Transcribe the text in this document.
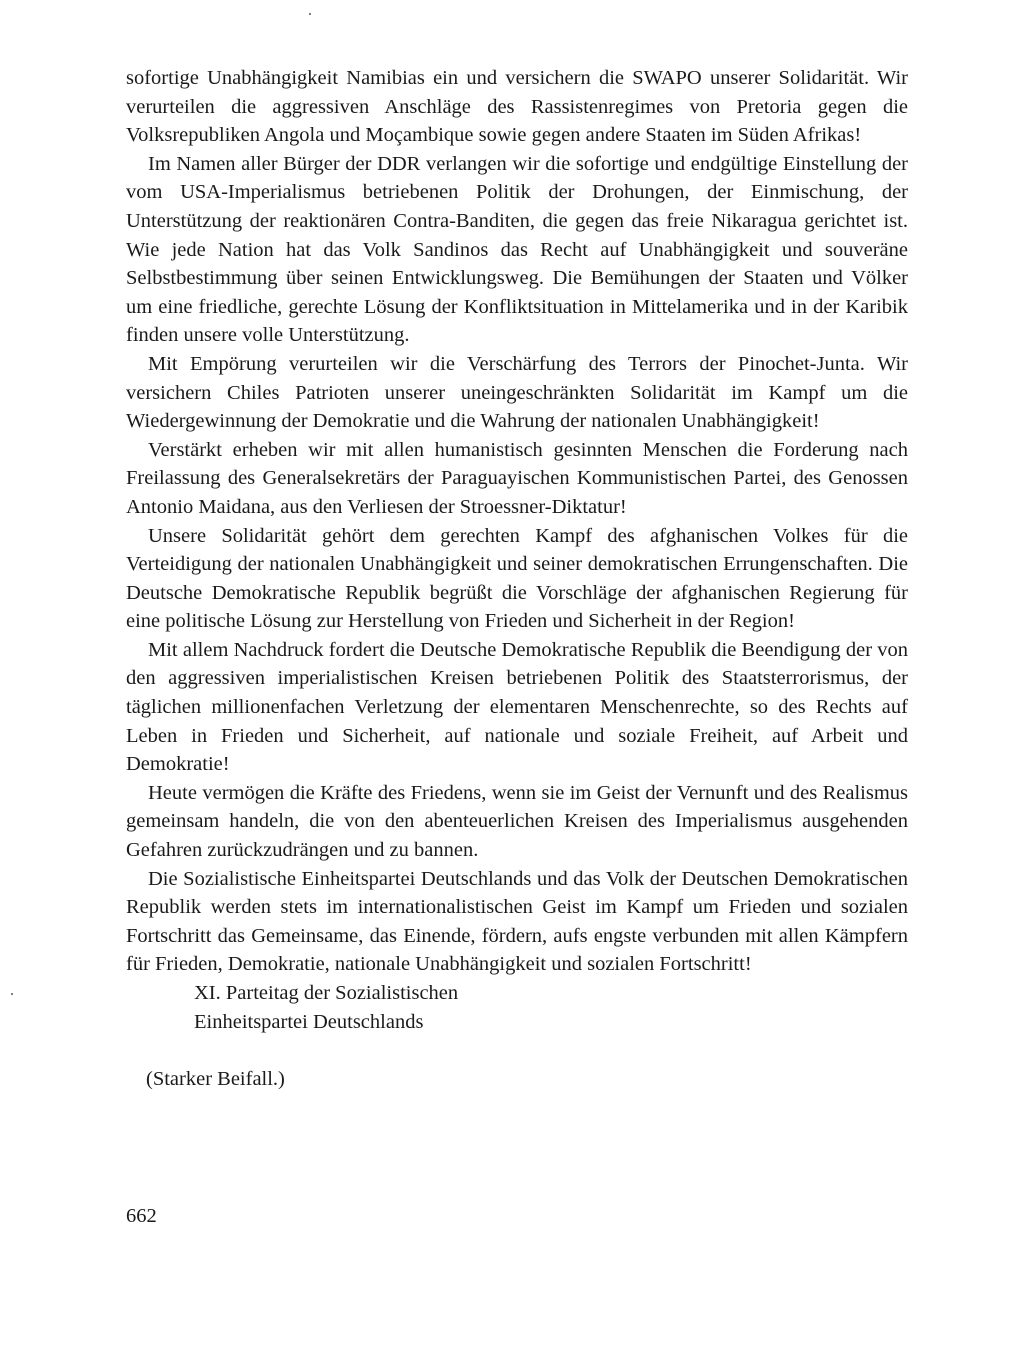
sofortige Unabhängigkeit Namibias ein und versichern die SWAPO unserer Solidarität. Wir verurteilen die aggressiven Anschläge des Rassistenregimes von Pretoria gegen die Volksrepubliken Angola und Moçambique sowie gegen andere Staaten im Süden Afrikas!

Im Namen aller Bürger der DDR verlangen wir die sofortige und endgültige Einstellung der vom USA-Imperialismus betriebenen Politik der Drohungen, der Einmischung, der Unterstützung der reaktionären Contra-Banditen, die gegen das freie Nikaragua gerichtet ist. Wie jede Nation hat das Volk Sandinos das Recht auf Unabhängigkeit und souveräne Selbstbestimmung über seinen Entwicklungsweg. Die Bemühungen der Staaten und Völker um eine friedliche, gerechte Lösung der Konfliktsituation in Mittelamerika und in der Karibik finden unsere volle Unterstützung.

Mit Empörung verurteilen wir die Verschärfung des Terrors der Pinochet-Junta. Wir versichern Chiles Patrioten unserer uneingeschränkten Solidarität im Kampf um die Wiedergewinnung der Demokratie und die Wahrung der nationalen Unabhängigkeit!

Verstärkt erheben wir mit allen humanistisch gesinnten Menschen die Forderung nach Freilassung des Generalsekretärs der Paraguayischen Kommunistischen Partei, des Genossen Antonio Maidana, aus den Verliesen der Stroessner-Diktatur!

Unsere Solidarität gehört dem gerechten Kampf des afghanischen Volkes für die Verteidigung der nationalen Unabhängigkeit und seiner demokratischen Errungenschaften. Die Deutsche Demokratische Republik begrüßt die Vorschläge der afghanischen Regierung für eine politische Lösung zur Herstellung von Frieden und Sicherheit in der Region!

Mit allem Nachdruck fordert die Deutsche Demokratische Republik die Beendigung der von den aggressiven imperialistischen Kreisen betriebenen Politik des Staatsterrorismus, der täglichen millionenfachen Verletzung der elementaren Menschenrechte, so des Rechts auf Leben in Frieden und Sicherheit, auf nationale und soziale Freiheit, auf Arbeit und Demokratie!

Heute vermögen die Kräfte des Friedens, wenn sie im Geist der Vernunft und des Realismus gemeinsam handeln, die von den abenteuerlichen Kreisen des Imperialismus ausgehenden Gefahren zurückzudrängen und zu bannen.

Die Sozialistische Einheitspartei Deutschlands und das Volk der Deutschen Demokratischen Republik werden stets im internationalistischen Geist im Kampf um Frieden und sozialen Fortschritt das Gemeinsame, das Einende, fördern, aufs engste verbunden mit allen Kämpfern für Frieden, Demokratie, nationale Unabhängigkeit und sozialen Fortschritt!

XI. Parteitag der Sozialistischen
Einheitspartei Deutschlands

(Starker Beifall.)

662
